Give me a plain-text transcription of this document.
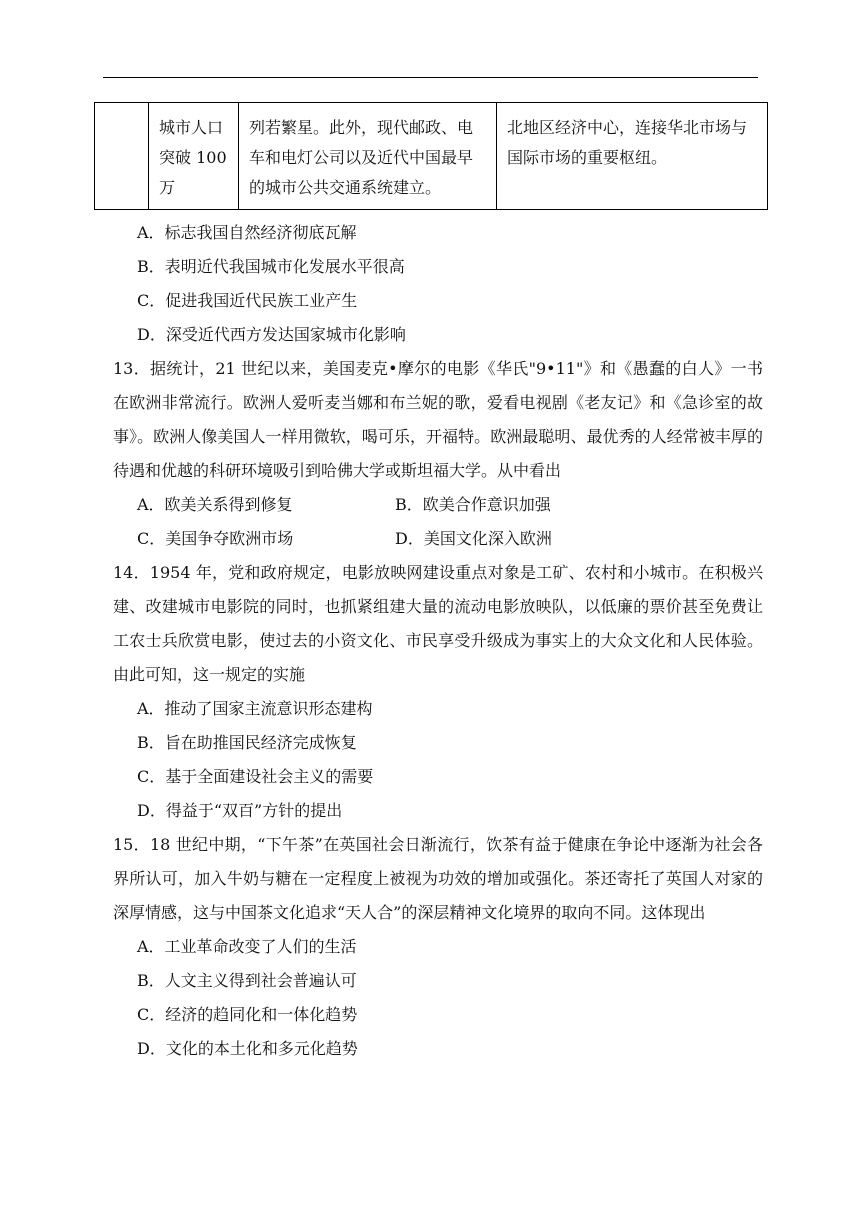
	城市人口突破 100 万	列若繁星。此外，现代邮政、电车和电灯公司以及近代中国最早的城市公共交通系统建立。	北地区经济中心，连接华北市场与国际市场的重要枢纽。
A．标志我国自然经济彻底瓦解
B．表明近代我国城市化发展水平很高
C．促进我国近代民族工业产生
D．深受近代西方发达国家城市化影响
13．据统计，21 世纪以来，美国麦克•摩尔的电影《华氏"9•11"》和《愚蠢的白人》一书在欧洲非常流行。欧洲人爱听麦当娜和布兰妮的歌，爱看电视剧《老友记》和《急诊室的故事》。欧洲人像美国人一样用微软，喝可乐，开福特。欧洲最聪明、最优秀的人经常被丰厚的待遇和优越的科研环境吸引到哈佛大学或斯坦福大学。从中看出
A．欧美关系得到修复	B．欧美合作意识加强
C．美国争夺欧洲市场	D．美国文化深入欧洲
14．1954 年，党和政府规定，电影放映网建设重点对象是工矿、农村和小城市。在积极兴建、改建城市电影院的同时，也抓紧组建大量的流动电影放映队，以低廉的票价甚至免费让工农士兵欣赏电影，使过去的小资文化、市民享受升级成为事实上的大众文化和人民体验。由此可知，这一规定的实施
A．推动了国家主流意识形态建构
B．旨在助推国民经济完成恢复
C．基于全面建设社会主义的需要
D．得益于“双百”方针的提出
15．18 世纪中期，“下午茶”在英国社会日渐流行，饮茶有益于健康在争论中逐渐为社会各界所认可，加入牛奶与糖在一定程度上被视为功效的增加或强化。茶还寄托了英国人对家的深厚情感，这与中国茶文化追求“天人合”的深层精神文化境界的取向不同。这体现出
A．工业革命改变了人们的生活
B．人文主义得到社会普遍认可
C．经济的趋同化和一体化趋势
D．文化的本土化和多元化趋势
